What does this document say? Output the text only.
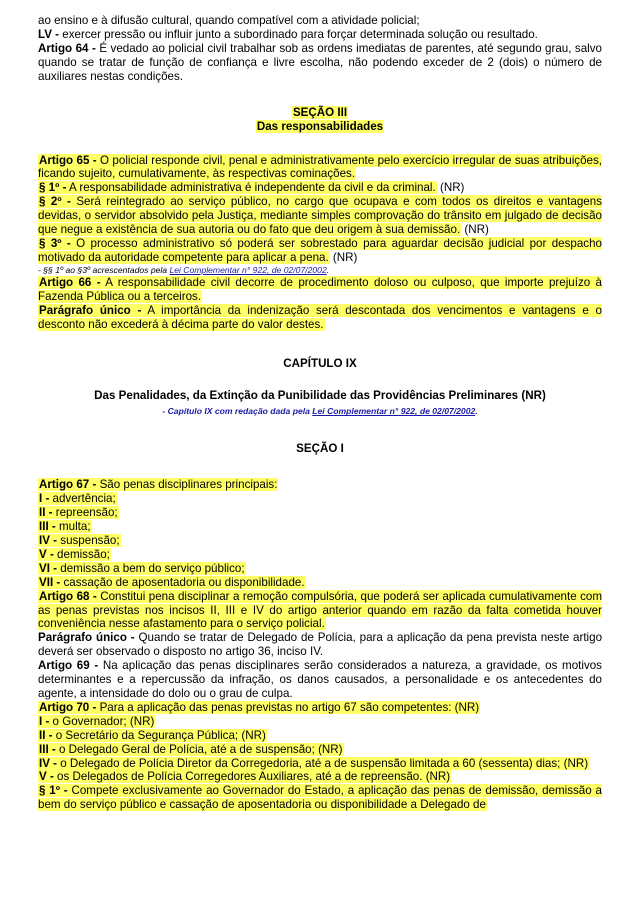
ao ensino e à difusão cultural, quando compatível com a atividade policial;

LV - exercer pressão ou influir junto a subordinado para forçar determinada solução ou resultado.

Artigo 64 - É vedado ao policial civil trabalhar sob as ordens imediatas de parentes, até segundo grau, salvo quando se tratar de função de confiança e livre escolha, não podendo exceder de 2 (dois) o número de auxiliares nestas condições.

SEÇÃO III

Das responsabilidades

Artigo 65 - O policial responde civil, penal e administrativamente pelo exercício irregular de suas atribuições, ficando sujeito, cumulativamente, às respectivas cominações.

§ 1º - A responsabilidade administrativa é independente da civil e da criminal. (NR)

§ 2º - Será reintegrado ao serviço público, no cargo que ocupava e com todos os direitos e vantagens devidas, o servidor absolvido pela Justiça, mediante simples comprovação do trânsito em julgado de decisão que negue a existência de sua autoria ou do fato que deu origem à sua demissão. (NR)

§ 3º - O processo administrativo só poderá ser sobrestado para aguardar decisão judicial por despacho motivado da autoridade competente para aplicar a pena. (NR)

- §§ 1º ao §3º acrescentados pela Lei Complementar n° 922, de 02/07/2002.

Artigo 66 - A responsabilidade civil decorre de procedimento doloso ou culposo, que importe prejuízo à Fazenda Pública ou a terceiros.

Parágrafo único - A importância da indenização será descontada dos vencimentos e vantagens e o desconto não excederá à décima parte do valor destes.

CAPÍTULO IX

Das Penalidades, da Extinção da Punibilidade das Providências Preliminares (NR)

- Capítulo IX com redação dada pela Lei Complementar n° 922, de 02/07/2002.

SEÇÃO I

Artigo 67 - São penas disciplinares principais:

I - advertência;

II - repreensão;

III - multa;

IV - suspensão;

V - demissão;

VI - demissão a bem do serviço público;

VII - cassação de aposentadoria ou disponibilidade.

Artigo 68 - Constitui pena disciplinar a remoção compulsória, que poderá ser aplicada cumulativamente com as penas previstas nos incisos II, III e IV do artigo anterior quando em razão da falta cometida houver conveniência nesse afastamento para o serviço policial.

Parágrafo único - Quando se tratar de Delegado de Polícia, para a aplicação da pena prevista neste artigo deverá ser observado o disposto no artigo 36, inciso IV.

Artigo 69 - Na aplicação das penas disciplinares serão considerados a natureza, a gravidade, os motivos determinantes e a repercussão da infração, os danos causados, a personalidade e os antecedentes do agente, a intensidade do dolo ou o grau de culpa.

Artigo 70 - Para a aplicação das penas previstas no artigo 67 são competentes: (NR)

I - o Governador; (NR)

II - o Secretário da Segurança Pública; (NR)

III - o Delegado Geral de Polícia, até a de suspensão; (NR)

IV - o Delegado de Polícia Diretor da Corregedoria, até a de suspensão limitada a 60 (sessenta) dias; (NR)

V - os Delegados de Polícia Corregedores Auxiliares, até a de repreensão. (NR)

§ 1º - Compete exclusivamente ao Governador do Estado, a aplicação das penas de demissão, demissão a bem do serviço público e cassação de aposentadoria ou disponibilidade a Delegado de
